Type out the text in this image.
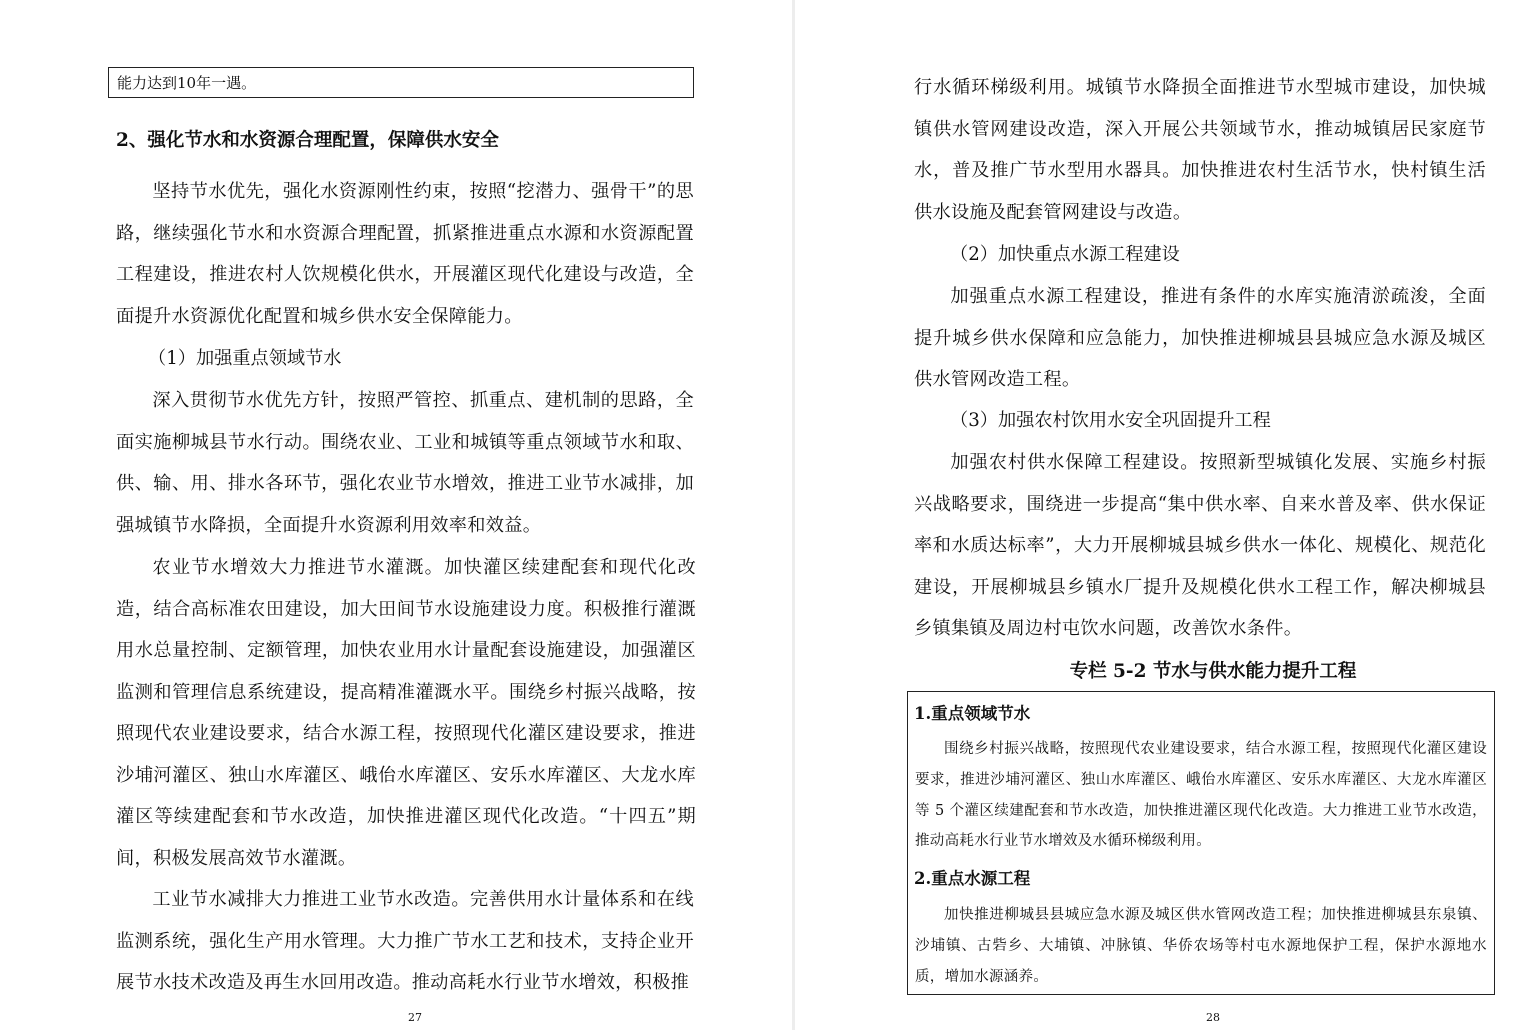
能力达到10年一遇。

2、强化节水和水资源合理配置，保障供水安全

坚持节水优先，强化水资源刚性约束，按照“挖潜力、强骨干”的思路，继续强化节水和水资源合理配置，抓紧推进重点水源和水资源配置工程建设，推进农村人饮规模化供水，开展灌区现代化建设与改造，全面提升水资源优化配置和城乡供水安全保障能力。

（1）加强重点领域节水

深入贯彻节水优先方针，按照严管控、抓重点、建机制的思路，全面实施柳城县节水行动。围绕农业、工业和城镇等重点领域节水和取、供、输、用、排水各环节，强化农业节水增效，推进工业节水减排，加强城镇节水降损，全面提升水资源利用效率和效益。

农业节水增效大力推进节水灌溉。加快灌区续建配套和现代化改造，结合高标准农田建设，加大田间节水设施建设力度。积极推行灌溉用水总量控制、定额管理，加快农业用水计量配套设施建设，加强灌区监测和管理信息系统建设，提高精准灌溉水平。围绕乡村振兴战略，按照现代农业建设要求，结合水源工程，按照现代化灌区建设要求，推进沙埔河灌区、独山水库灌区、峨佁水库灌区、安乐水库灌区、大龙水库灌区等续建配套和节水改造，加快推进灌区现代化改造。“十四五”期间，积极发展高效节水灌溉。

工业节水减排大力推进工业节水改造。完善供用水计量体系和在线监测系统，强化生产用水管理。大力推广节水工艺和技术，支持企业开展节水技术改造及再生水回用改造。推动高耗水行业节水增效，积极推

27

行水循环梯级利用。城镇节水降损全面推进节水型城市建设，加快城镇供水管网建设改造，深入开展公共领域节水，推动城镇居民家庭节水，普及推广节水型用水器具。加快推进农村生活节水，快村镇生活供水设施及配套管网建设与改造。

（2）加快重点水源工程建设

加强重点水源工程建设，推进有条件的水库实施清淤疏浚，全面提升城乡供水保障和应急能力，加快推进柳城县县城应急水源及城区供水管网改造工程。

（3）加强农村饮用水安全巩固提升工程

加强农村供水保障工程建设。按照新型城镇化发展、实施乡村振兴战略要求，围绕进一步提高“集中供水率、自来水普及率、供水保证率和水质达标率”，大力开展柳城县城乡供水一体化、规模化、规范化建设，开展柳城县乡镇水厂提升及规模化供水工程工作，解决柳城县乡镇集镇及周边村屯饮水问题，改善饮水条件。

专栏 5-2 节水与供水能力提升工程

1.重点领域节水

围绕乡村振兴战略，按照现代农业建设要求，结合水源工程，按照现代化灌区建设要求，推进沙埔河灌区、独山水库灌区、峨佁水库灌区、安乐水库灌区、大龙水库灌区等 5 个灌区续建配套和节水改造，加快推进灌区现代化改造。大力推进工业节水改造，推动高耗水行业节水增效及水循环梯级利用。

2.重点水源工程

加快推进柳城县县城应急水源及城区供水管网改造工程；加快推进柳城县东泉镇、沙埔镇、古砦乡、大埔镇、冲脉镇、华侨农场等村屯水源地保护工程，保护水源地水质，增加水源涵养。

28
